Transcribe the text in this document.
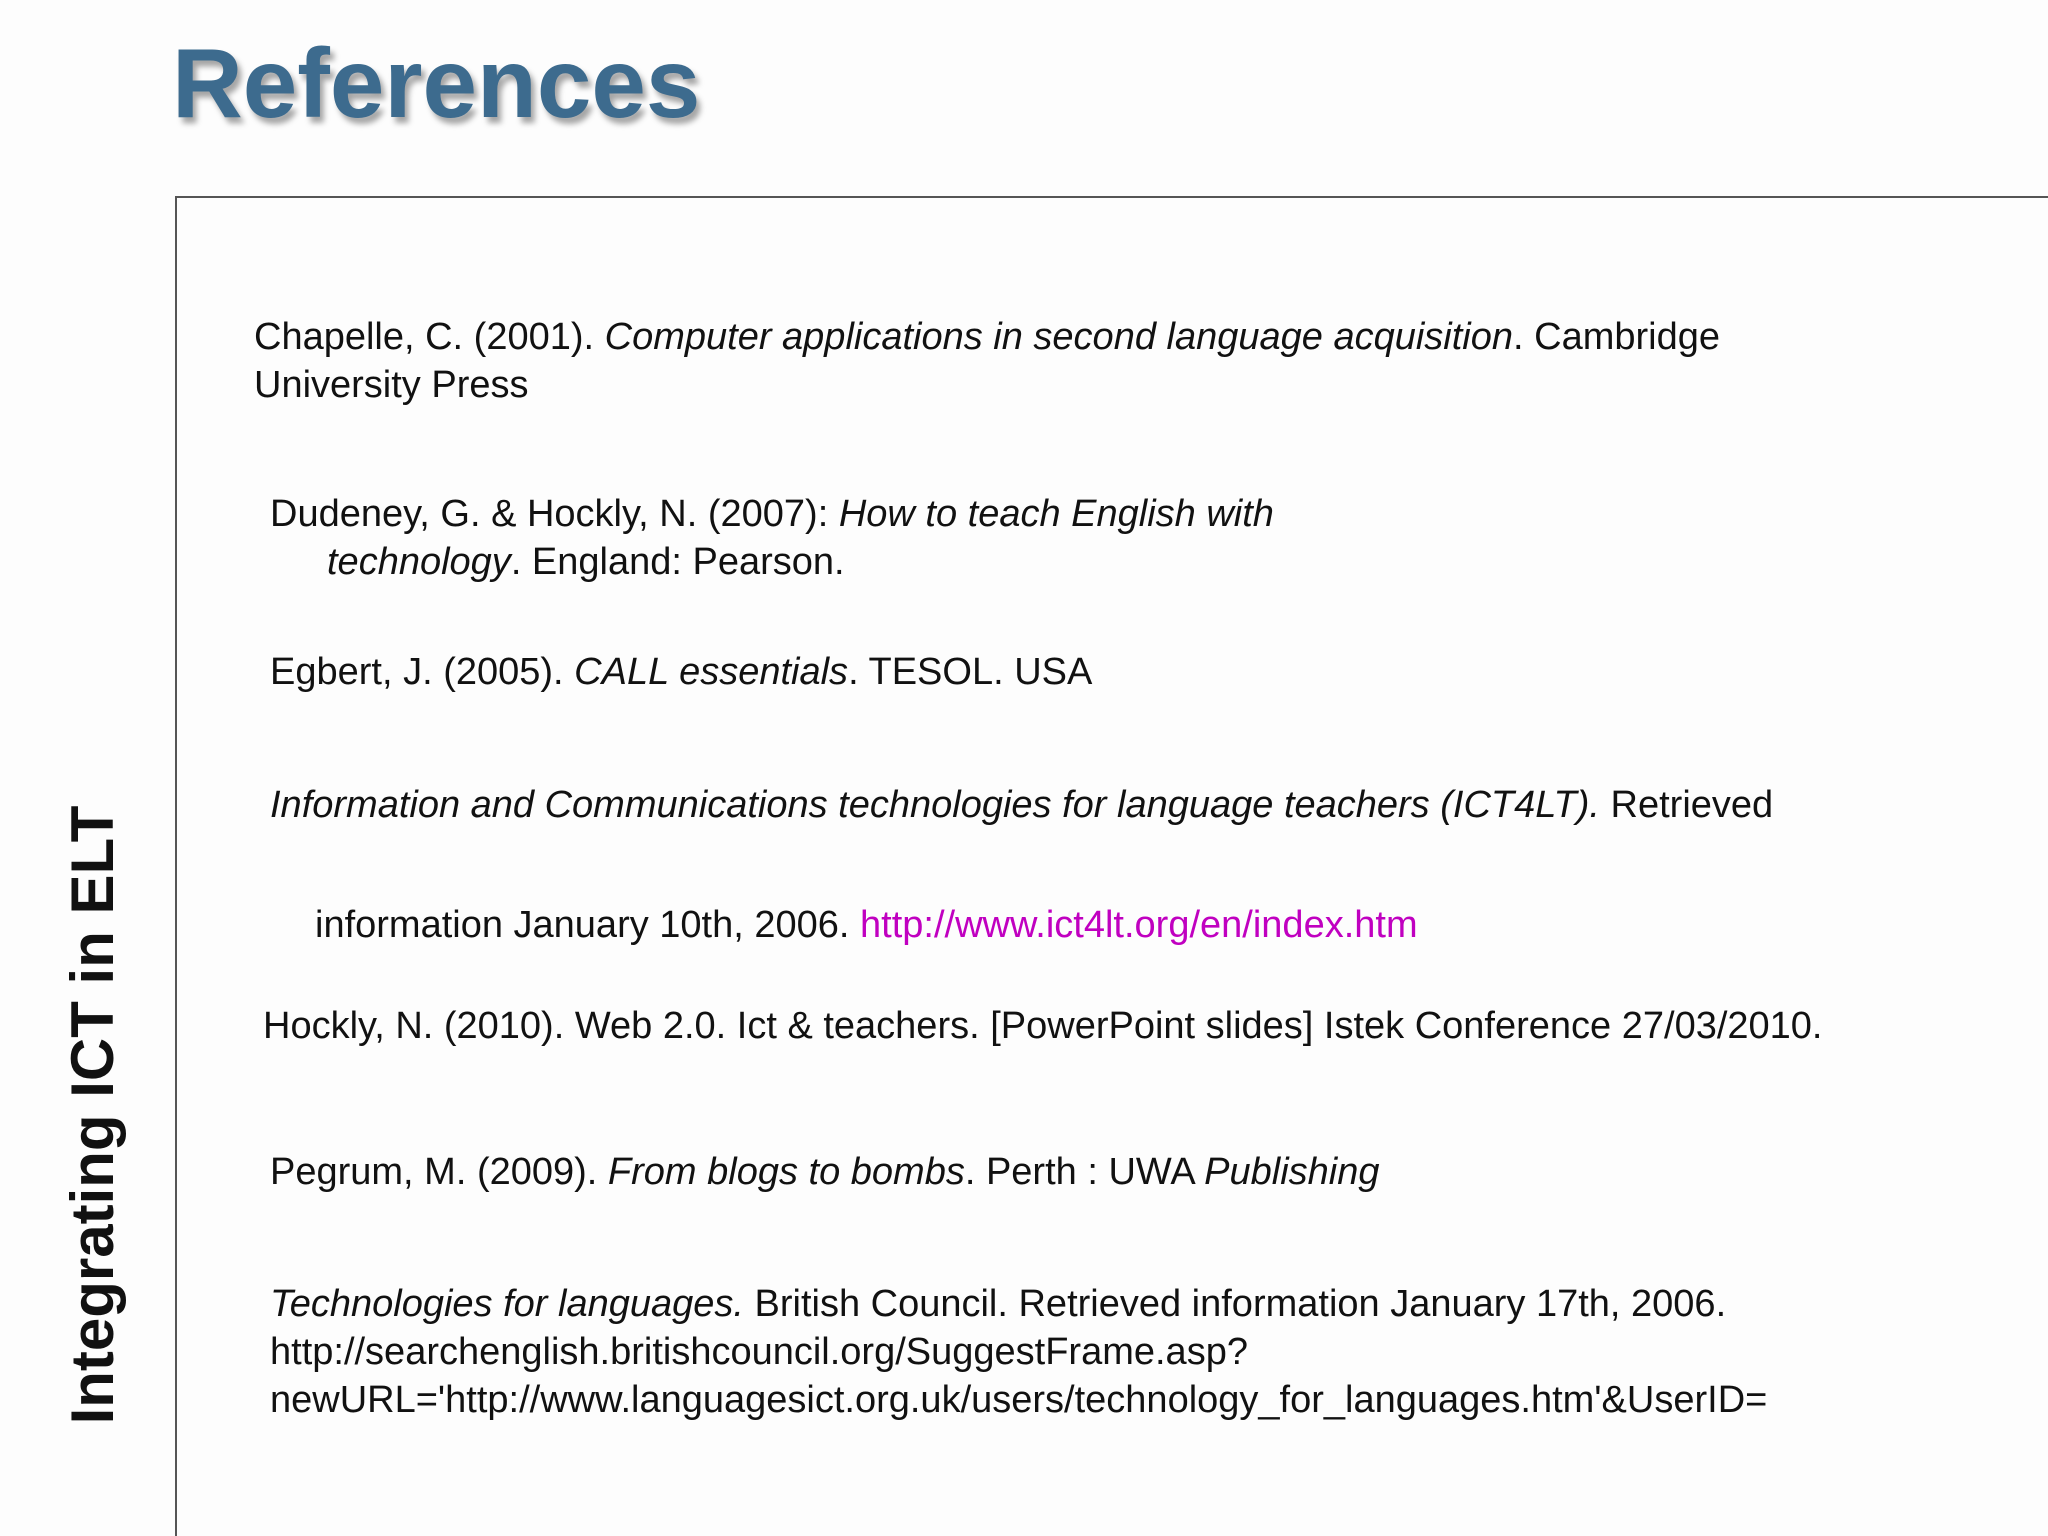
References
Integrating ICT in ELT
Chapelle, C. (2001). Computer applications in second language acquisition. Cambridge
University Press
Dudeney, G. & Hockly, N. (2007): How to teach English with
technology. England: Pearson.
Egbert, J. (2005). CALL essentials. TESOL. USA
Information and Communications technologies for language teachers (ICT4LT). Retrieved
information January 10th, 2006. http://www.ict4lt.org/en/index.htm
Hockly, N. (2010). Web 2.0. Ict & teachers. [PowerPoint slides] Istek Conference 27/03/2010.
Pegrum, M. (2009). From blogs to bombs. Perth : UWA Publishing
Technologies for languages. British Council. Retrieved information January 17th, 2006.
http://searchenglish.britishcouncil.org/SuggestFrame.asp?
newURL='http://www.languagesict.org.uk/users/technology_for_languages.htm'&UserID=
